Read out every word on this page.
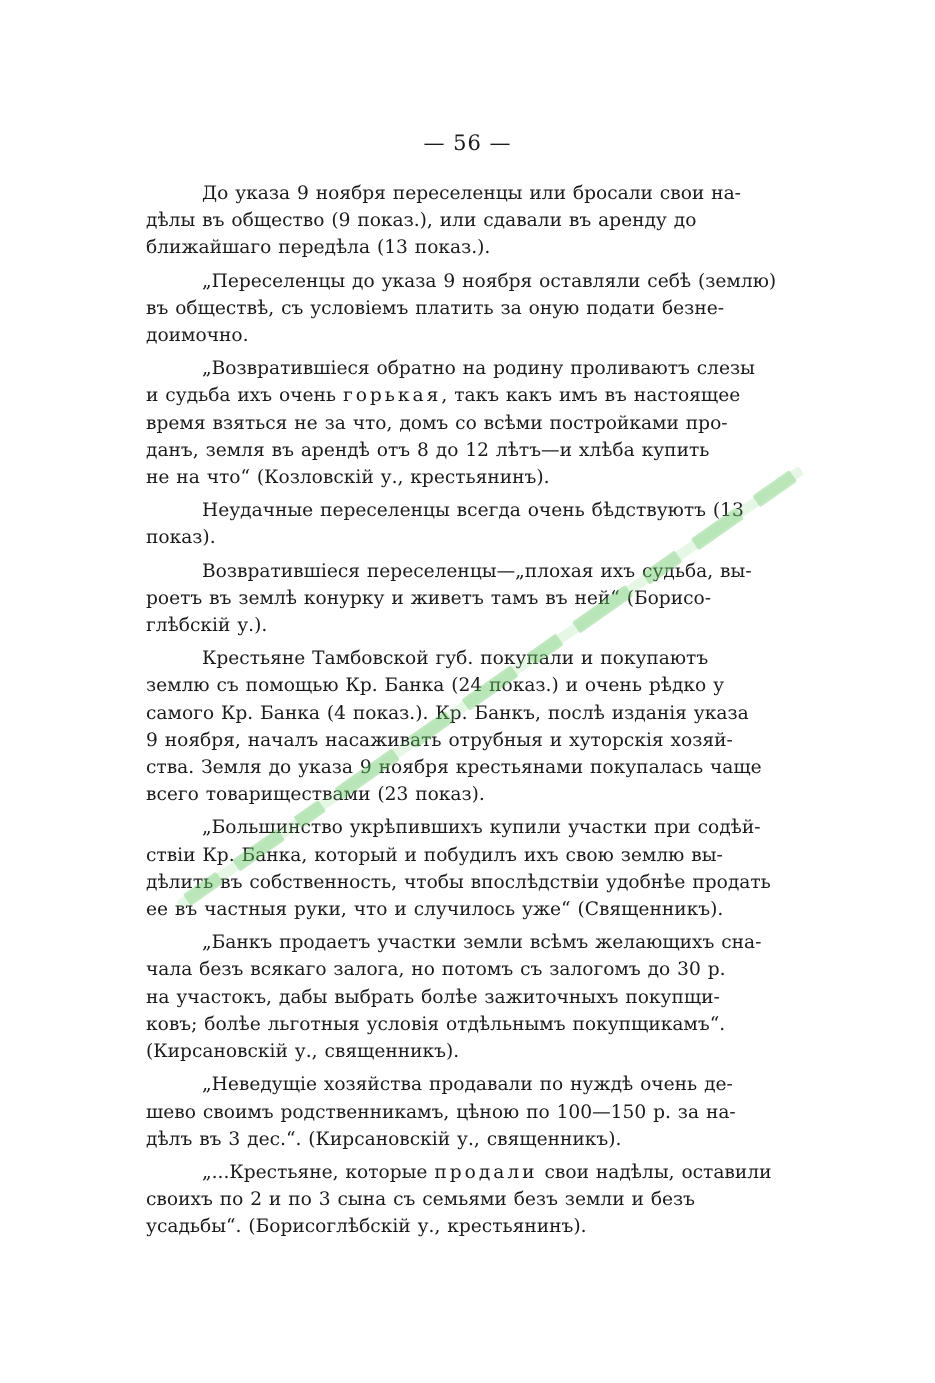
— 56 —

До указа 9 ноября переселенцы или бросали свои на-
дѣлы въ общество (9 показ.), или сдавали въ аренду до
ближайшаго передѣла (13 показ.).

„Переселенцы до указа 9 ноября оставляли себѣ (землю)
въ обществѣ, съ условіемъ платить за оную подати безне-
доимочно.

„Возвратившіеся обратно на родину проливаютъ слезы
и судьба ихъ очень горькая, такъ какъ имъ въ настоящее
время взяться не за что, домъ со всѣми постройками про-
данъ, земля въ арендѣ отъ 8 до 12 лѣтъ—и хлѣба купить
не на что“ (Козловскій у., крестьянинъ).

Неудачные переселенцы всегда очень бѣдствуютъ (13
показ).

Возвратившіеся переселенцы—„плохая ихъ судьба, вы-
роетъ въ землѣ конурку и живетъ тамъ въ ней“ (Борисо-
глѣбскій у.).

Крестьяне Тамбовской губ. покупали и покупаютъ
землю съ помощью Кр. Банка (24 показ.) и очень рѣдко у
самого Кр. Банка (4 показ.). Кр. Банкъ, послѣ изданія указа
9 ноября, началъ насаживать отрубныя и хуторскія хозяй-
ства. Земля до указа 9 ноября крестьянами покупалась чаще
всего товариществами (23 показ).

„Большинство укрѣпившихъ купили участки при содѣй-
ствіи Кр. Банка, который и побудилъ ихъ свою землю вы-
дѣлить въ собственность, чтобы впослѣдствіи удобнѣе продать
ее въ частныя руки, что и случилось уже“ (Священникъ).

„Банкъ продаетъ участки земли всѣмъ желающихъ сна-
чала безъ всякаго залога, но потомъ съ залогомъ до 30 р.
на участокъ, дабы выбрать болѣе зажиточныхъ покупщи-
ковъ; болѣе льготныя условія отдѣльнымъ покупщикамъ“.
(Кирсановскій у., священникъ).

„Неведущіе хозяйства продавали по нуждѣ очень де-
шево своимъ родственникамъ, цѣною по 100—150 р. за на-
дѣлъ въ 3 дес.“. (Кирсановскій у., священникъ).

„...Крестьяне, которые продали свои надѣлы, оставили
своихъ по 2 и по 3 сына съ семьями безъ земли и безъ
усадьбы“. (Борисоглѣбскій у., крестьянинъ).
